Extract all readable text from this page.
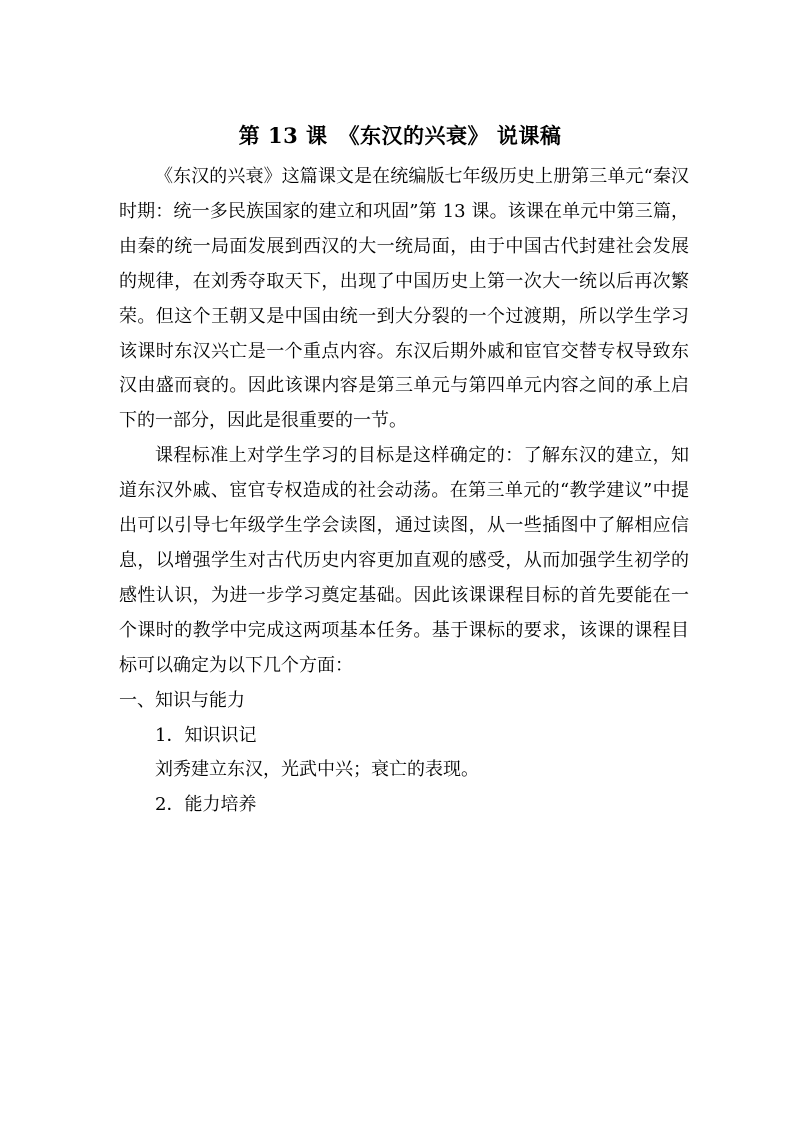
第 13 课　《东汉的兴衰》 说课稿

《东汉的兴衰》这篇课文是在统编版七年级历史上册第三单元“秦汉时期：统一多民族国家的建立和巩固”第 13 课。该课在单元中第三篇，由秦的统一局面发展到西汉的大一统局面，由于中国古代封建社会发展的规律，在刘秀夺取天下，出现了中国历史上第一次大一统以后再次繁荣。但这个王朝又是中国由统一到大分裂的一个过渡期，所以学生学习该课时东汉兴亡是一个重点内容。东汉后期外戚和宦官交替专权导致东汉由盛而衰的。因此该课内容是第三单元与第四单元内容之间的承上启下的一部分，因此是很重要的一节。

课程标准上对学生学习的目标是这样确定的：了解东汉的建立，知道东汉外戚、宦官专权造成的社会动荡。在第三单元的“教学建议”中提出可以引导七年级学生学会读图，通过读图，从一些插图中了解相应信息，以增强学生对古代历史内容更加直观的感受，从而加强学生初学的感性认识，为进一步学习奠定基础。因此该课课程目标的首先要能在一个课时的教学中完成这两项基本任务。基于课标的要求，该课的课程目标可以确定为以下几个方面：

一、知识与能力

1．知识识记

刘秀建立东汉，光武中兴；衰亡的表现。

2．能力培养
